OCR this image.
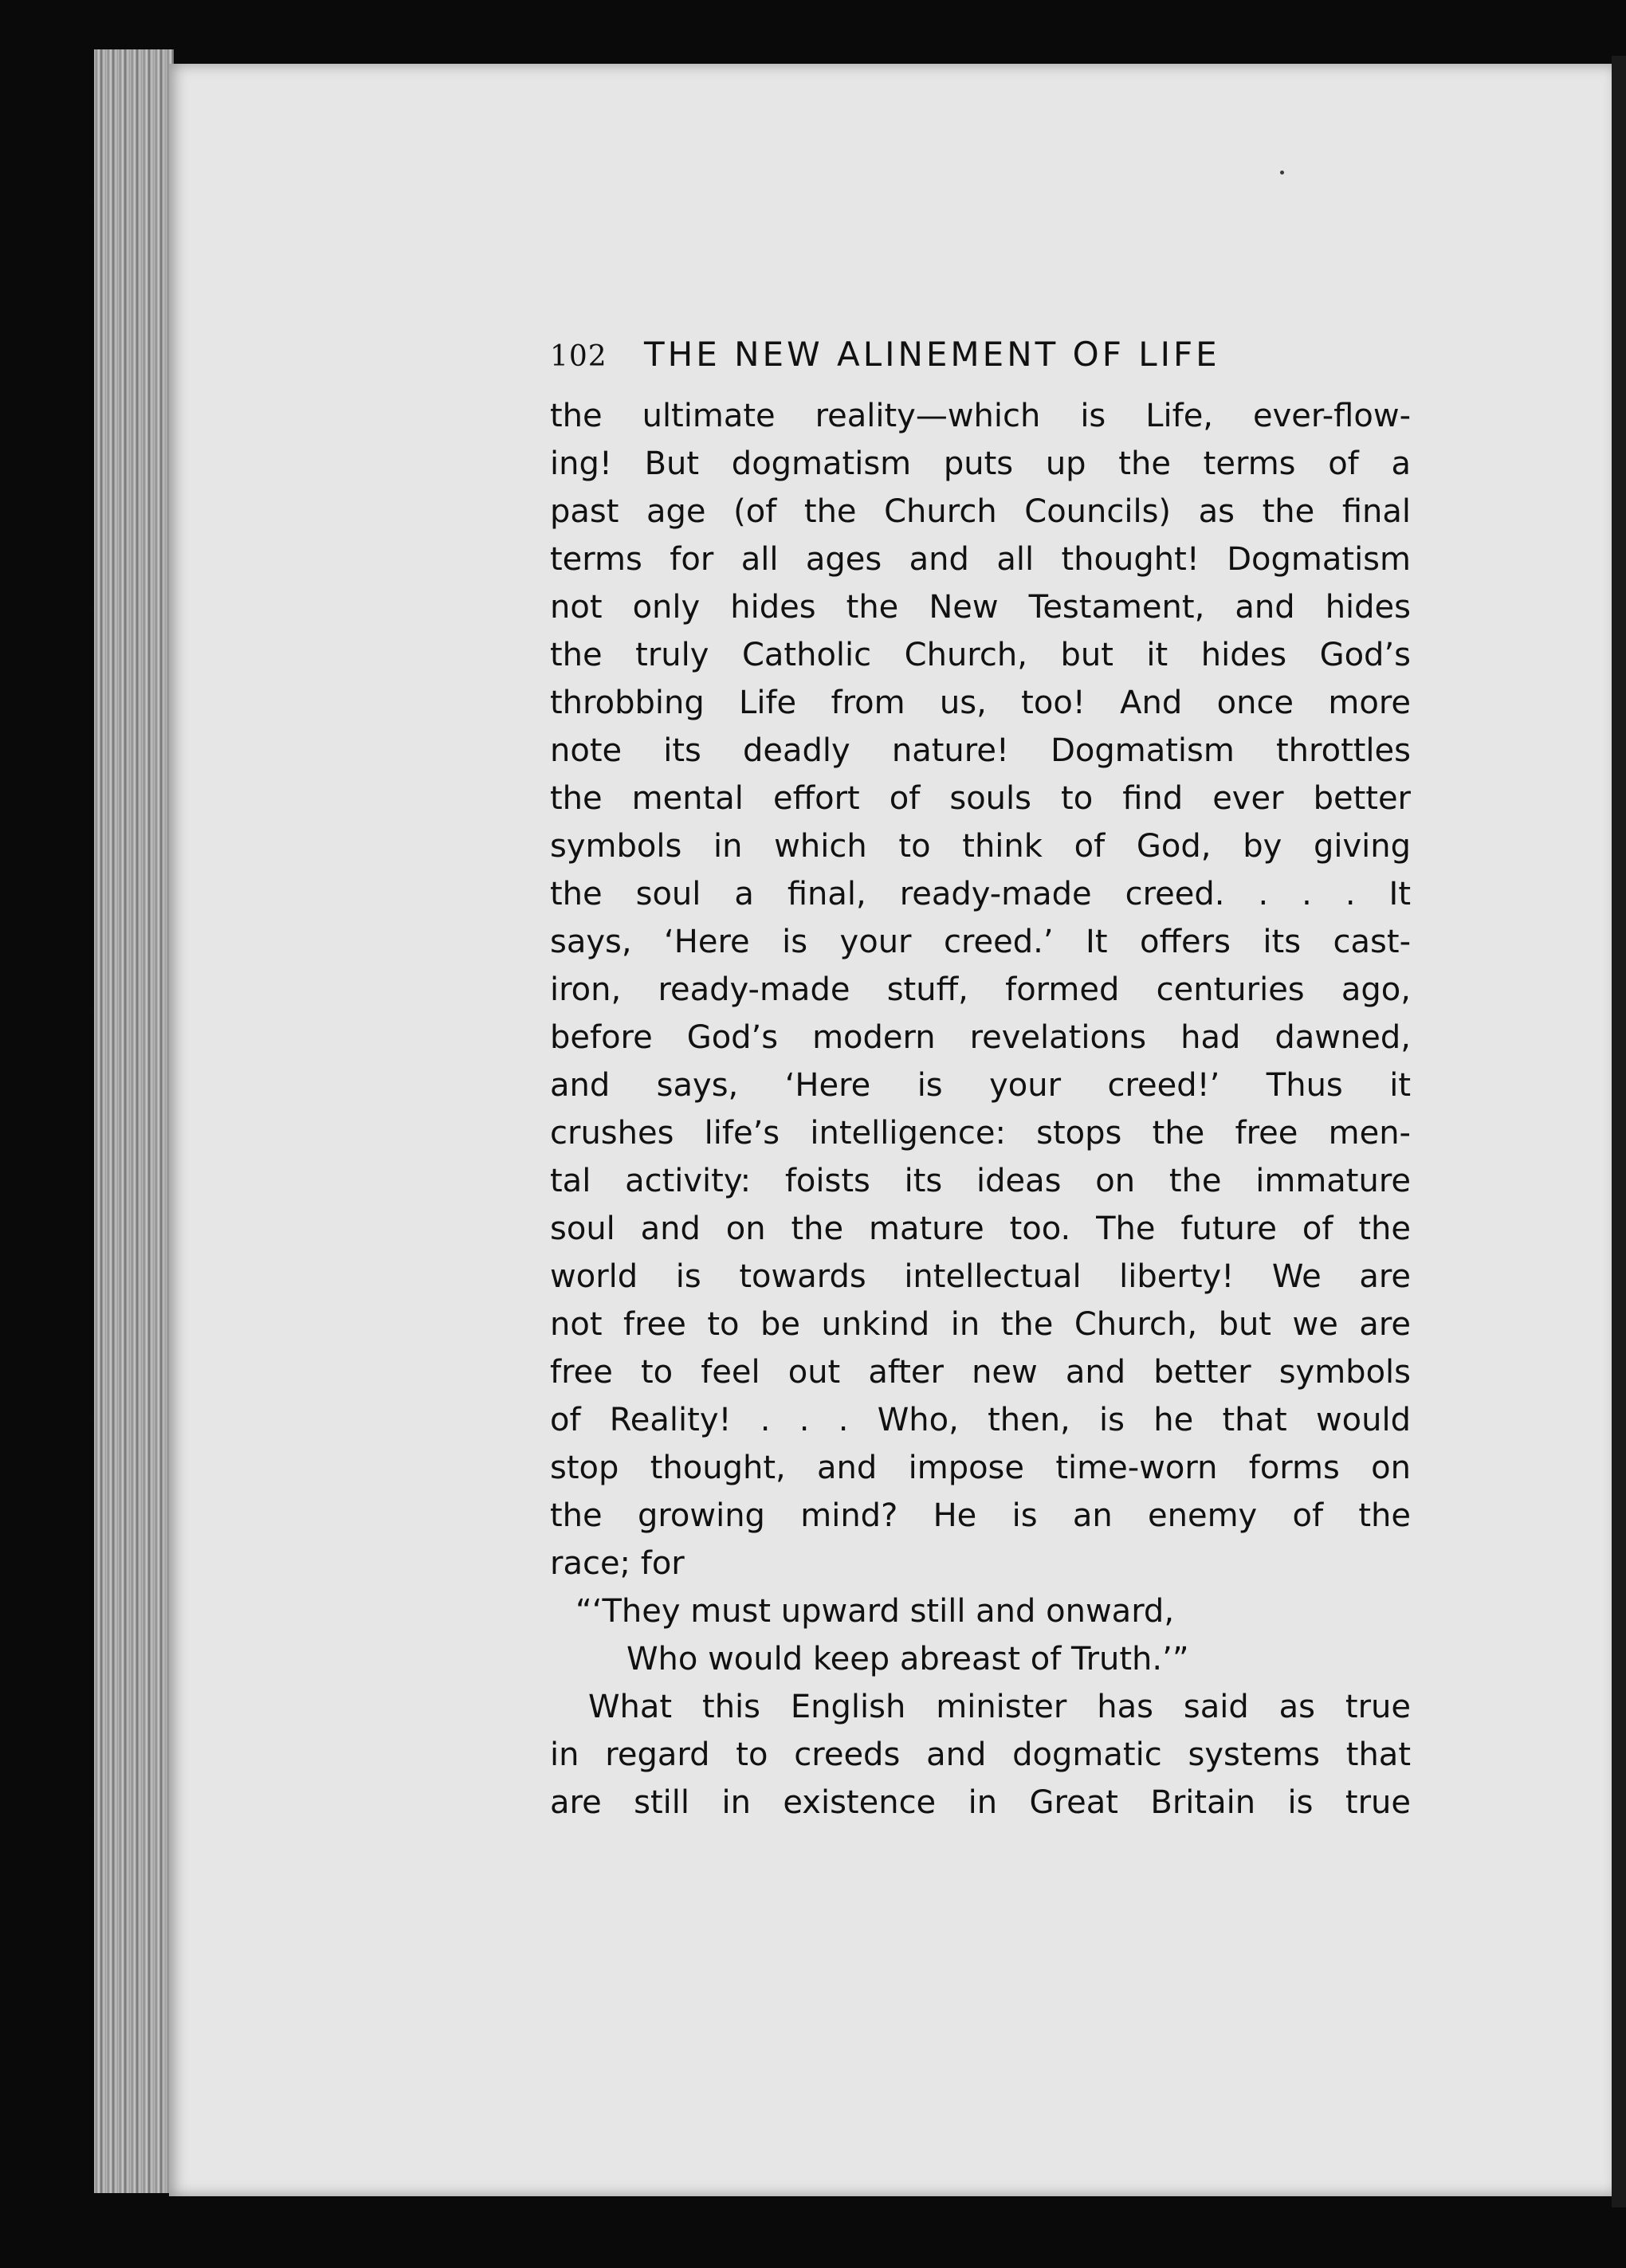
102	THE NEW ALINEMENT OF LIFE
the ultimate reality—which is Life, ever-flow-
ing! But dogmatism puts up the terms of a
past age (of the Church Councils) as the final
terms for all ages and all thought! Dogmatism
not only hides the New Testament, and hides
the truly Catholic Church, but it hides God’s
throbbing Life from us, too! And once more
note its deadly nature! Dogmatism throttles
the mental effort of souls to find ever better
symbols in which to think of God, by giving
the soul a final, ready-made creed. . . . It
says, ‘Here is your creed.’ It offers its cast-
iron, ready-made stuff, formed centuries ago,
before God’s modern revelations had dawned,
and says, ‘Here is your creed!’ Thus it
crushes life’s intelligence: stops the free men-
tal activity: foists its ideas on the immature
soul and on the mature too. The future of the
world is towards intellectual liberty! We are
not free to be unkind in the Church, but we are
free to feel out after new and better symbols
of Reality! . . . Who, then, is he that would
stop thought, and impose time-worn forms on
the growing mind? He is an enemy of the
race; for
“‘They must upward still and onward,
Who would keep abreast of Truth.’”
What this English minister has said as true
in regard to creeds and dogmatic systems that
are still in existence in Great Britain is true
